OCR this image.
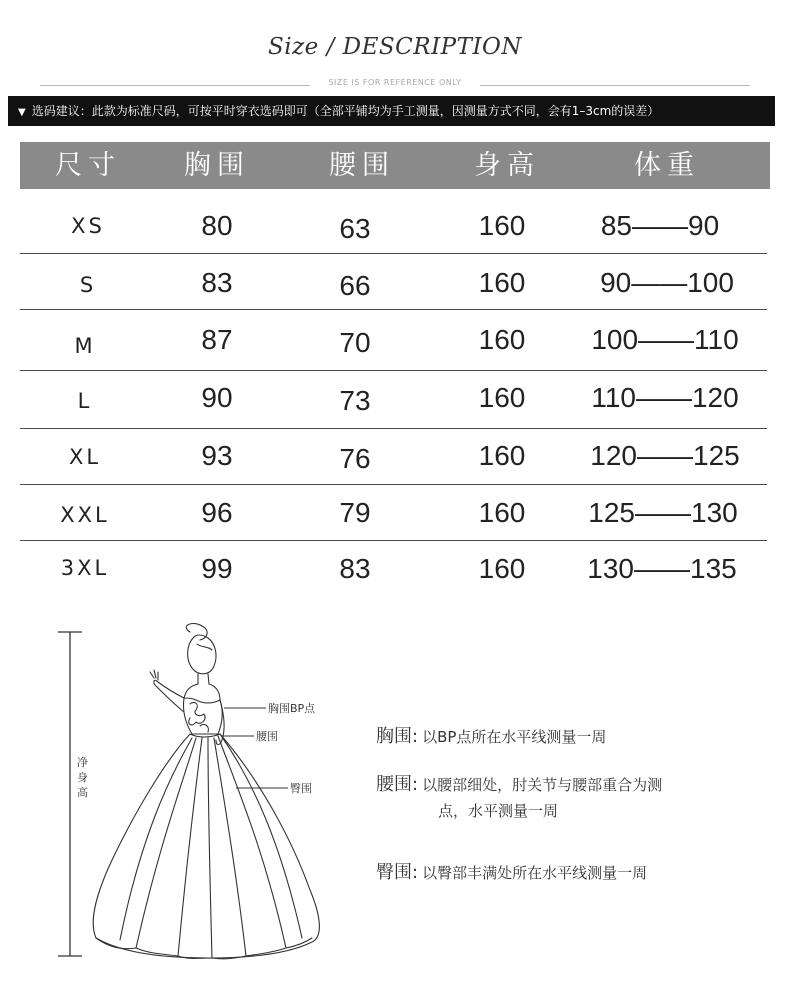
Size / DESCRIPTION
SIZE IS FOR REFERENCE ONLY
▼ 选码建议：此款为标准尺码，可按平时穿衣选码即可（全部平铺均为手工测量，因测量方式不同，会有1–3cm的误差）
尺寸 胸围	腰围	身高	体重
XS	80	63	160	85——90
S	83	66	160	90——100
M	87	70	160 100——110
L	90	73	160 110——120
XL	93	76	160 120——125
XXL	96	79	160 125——130
3XL	99	83	160 130——135
净 身 高
胸围BP点
腰围
臀围
胸围: 以BP点所在水平线测量一周
腰围: 以腰部细处，肘关节与腰部重合为测
点，水平测量一周
臀围: 以臀部丰满处所在水平线测量一周
